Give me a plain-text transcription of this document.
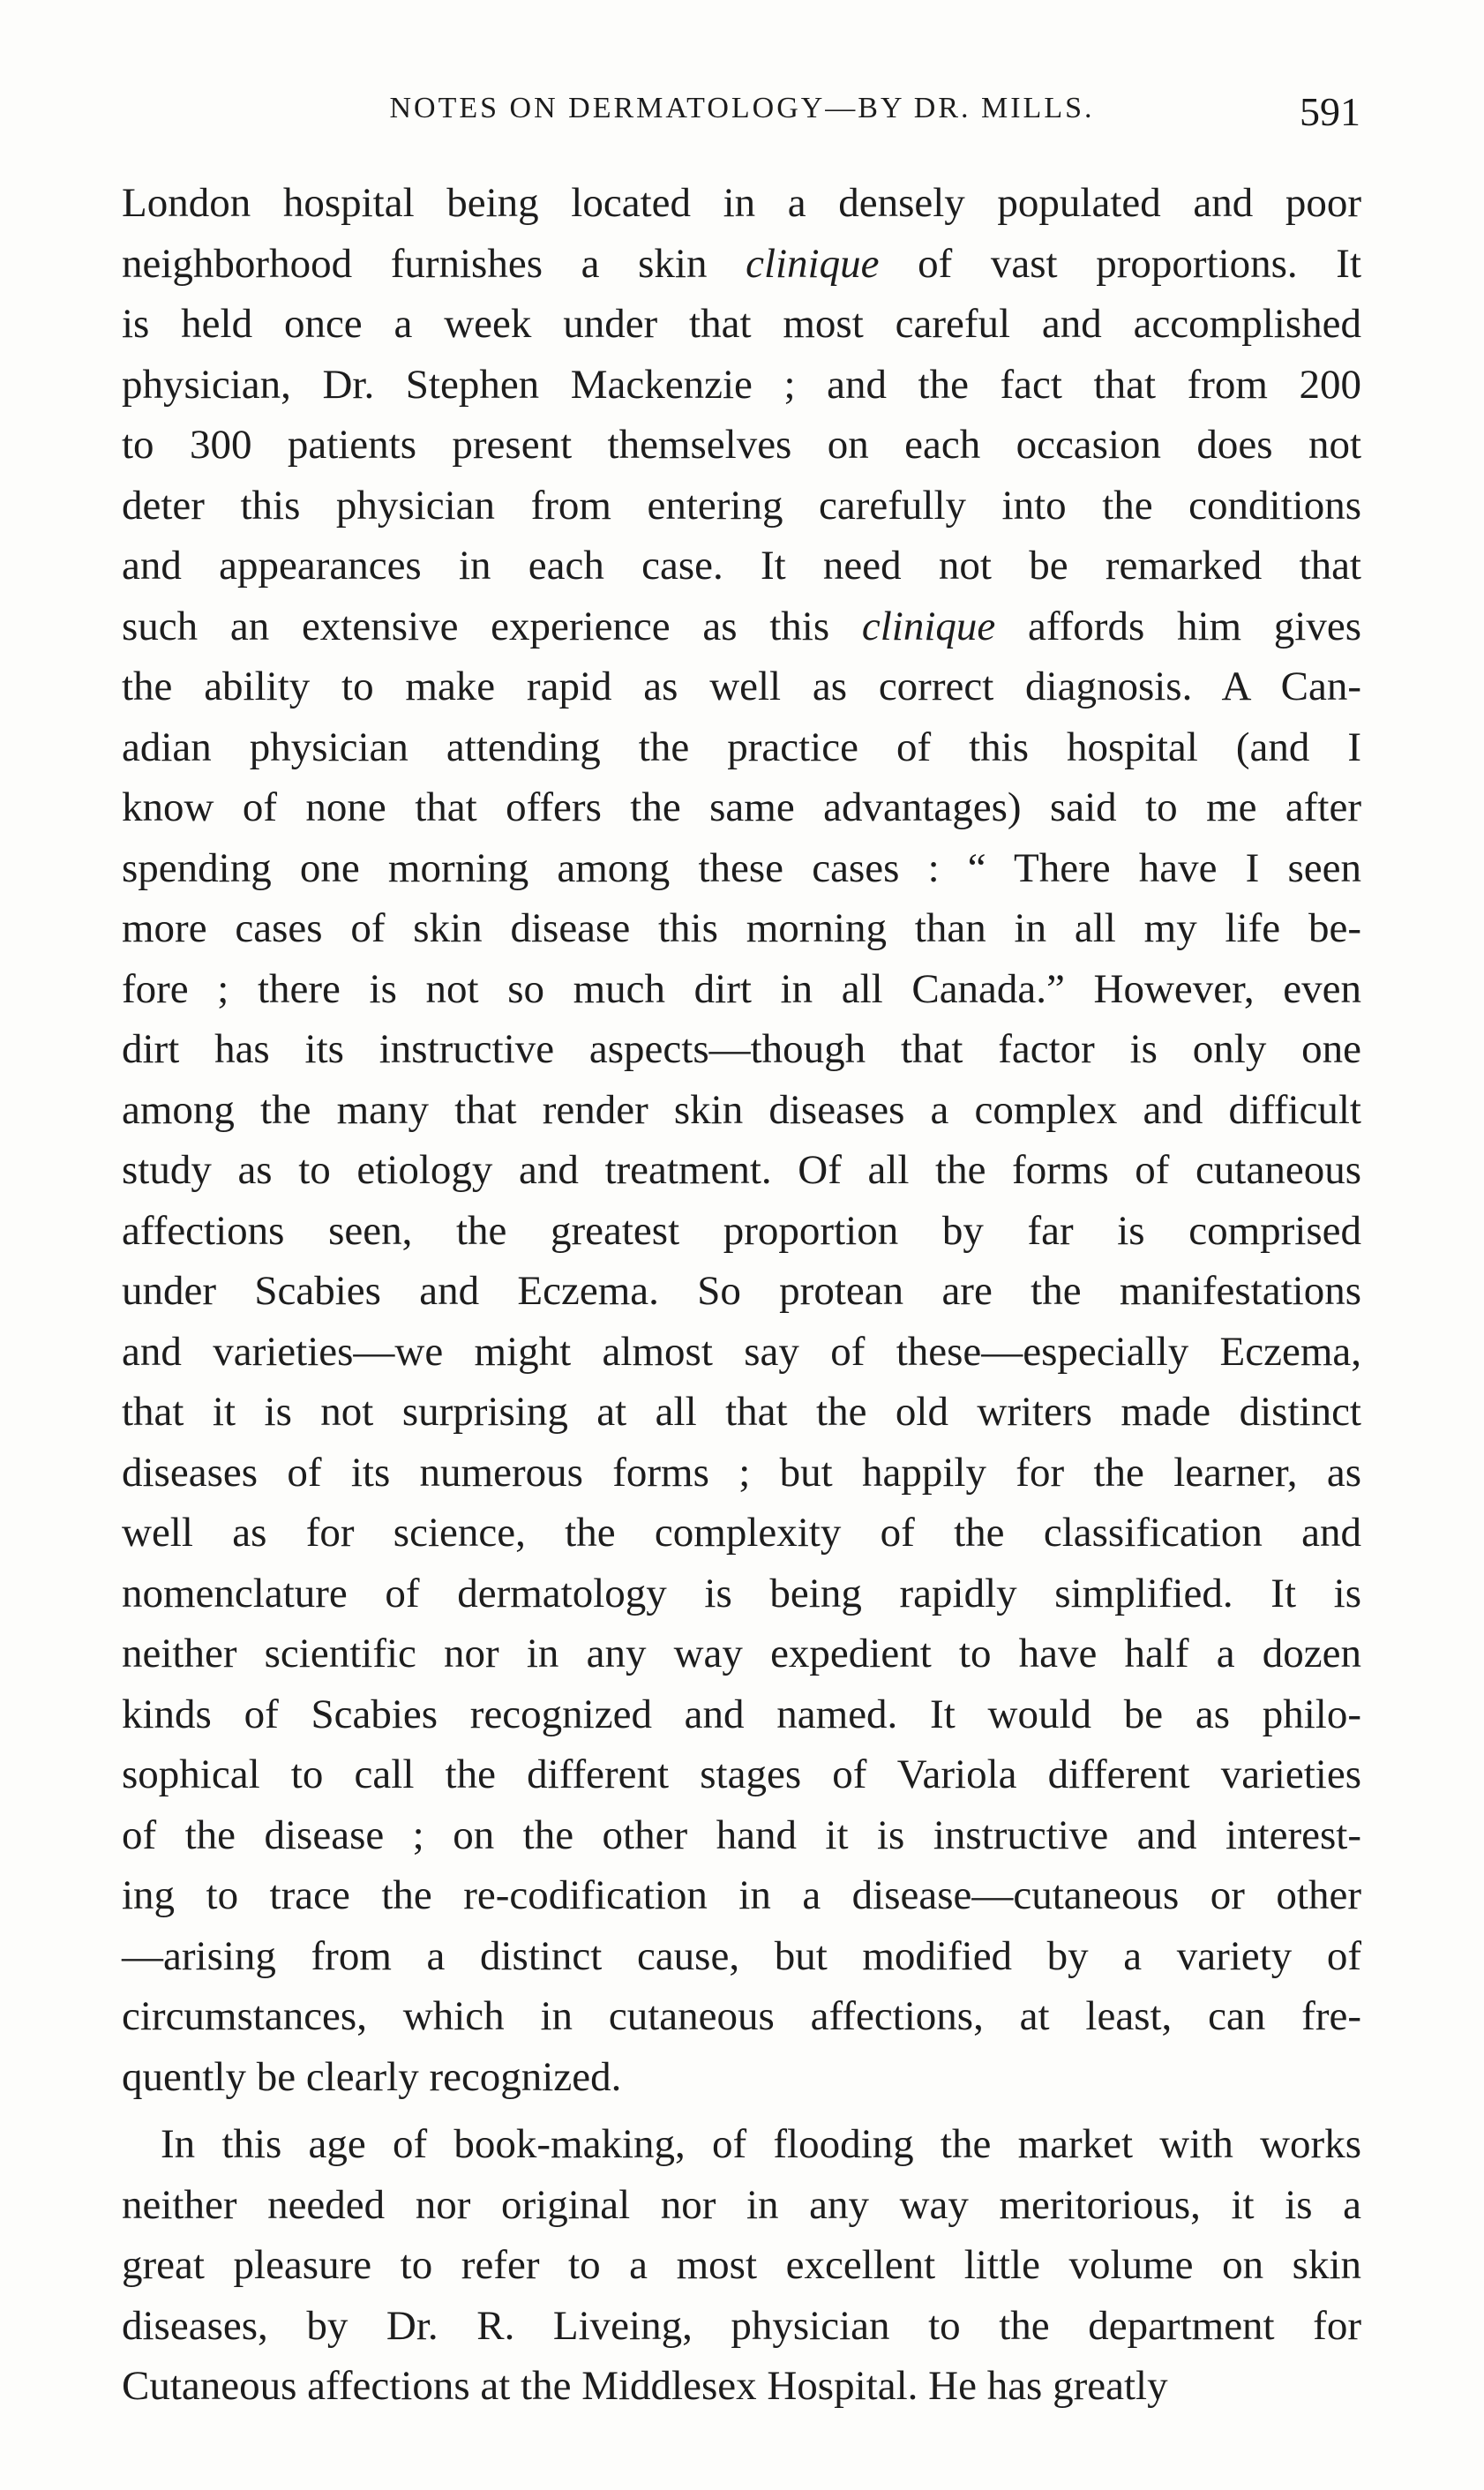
NOTES ON DERMATOLOGY—BY DR. MILLS.	591
London hospital being located in a densely populated and poor
neighborhood furnishes a skin clinique of vast proportions. It
is held once a week under that most careful and accomplished
physician, Dr. Stephen Mackenzie ; and the fact that from 200
to 300 patients present themselves on each occasion does not
deter this physician from entering carefully into the conditions
and appearances in each case. It need not be remarked that
such an extensive experience as this clinique affords him gives
the ability to make rapid as well as correct diagnosis. A Can-
adian physician attending the practice of this hospital (and I
know of none that offers the same advantages) said to me after
spending one morning among these cases : “ There have I seen
more cases of skin disease this morning than in all my life be-
fore ; there is not so much dirt in all Canada.” However, even
dirt has its instructive aspects—though that factor is only one
among the many that render skin diseases a complex and difficult
study as to etiology and treatment. Of all the forms of cutaneous
affections seen, the greatest proportion by far is comprised
under Scabies and Eczema. So protean are the manifestations
and varieties—we might almost say of these—especially Eczema,
that it is not surprising at all that the old writers made distinct
diseases of its numerous forms ; but happily for the learner, as
well as for science, the complexity of the classification and
nomenclature of dermatology is being rapidly simplified. It is
neither scientific nor in any way expedient to have half a dozen
kinds of Scabies recognized and named. It would be as philo-
sophical to call the different stages of Variola different varieties
of the disease ; on the other hand it is instructive and interest-
ing to trace the re-codification in a disease—cutaneous or other
—arising from a distinct cause, but modified by a variety of
circumstances, which in cutaneous affections, at least, can fre-
quently be clearly recognized.
In this age of book-making, of flooding the market with works
neither needed nor original nor in any way meritorious, it is a
great pleasure to refer to a most excellent little volume on skin
diseases, by Dr. R. Liveing, physician to the department for
Cutaneous affections at the Middlesex Hospital. He has greatly
